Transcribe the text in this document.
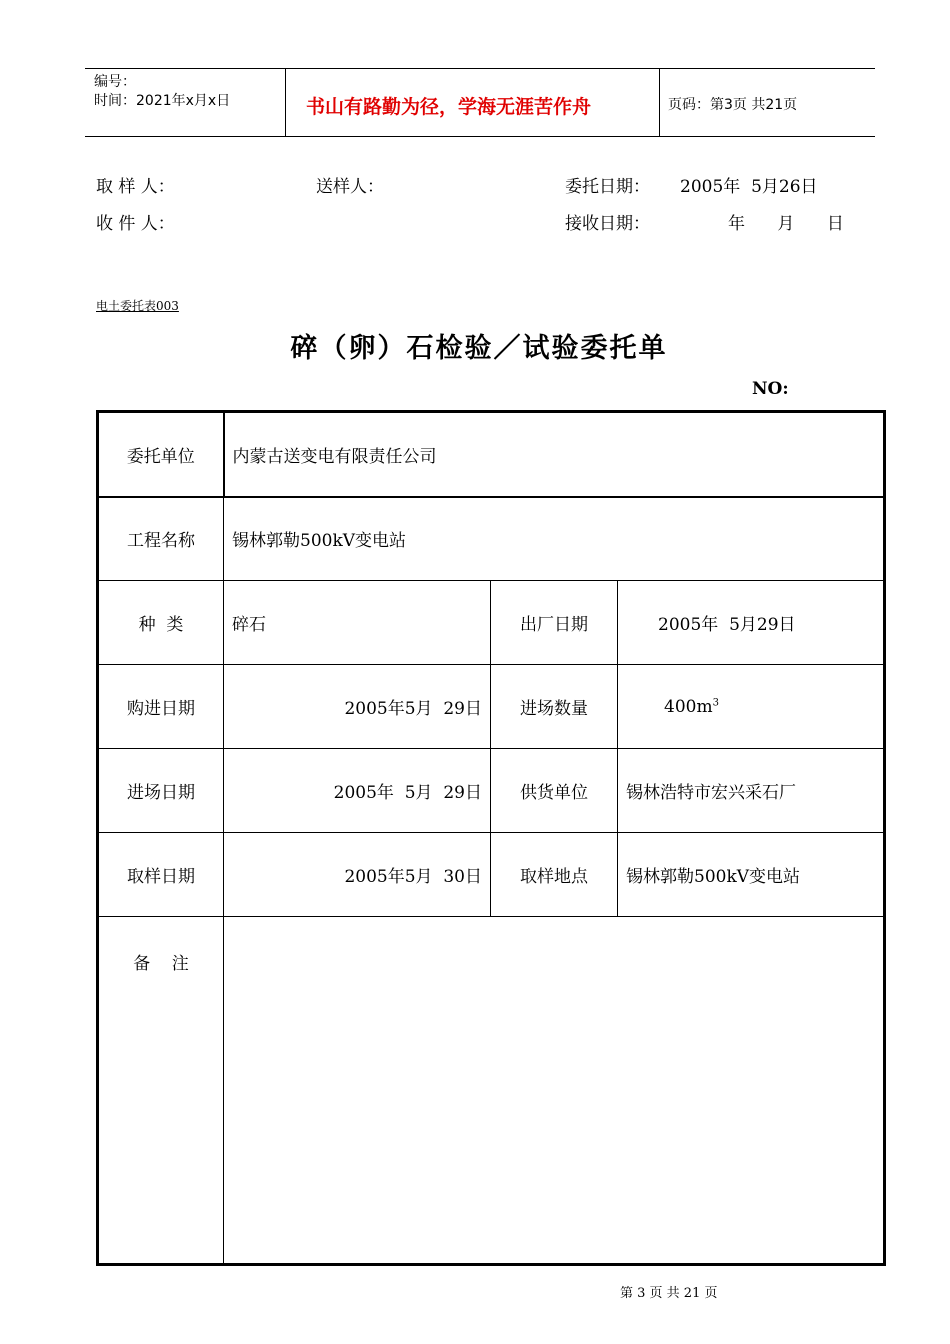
编号：
时间：2021年x月x日	书山有路勤为径，学海无涯苦作舟	页码：第3页 共21页
取 样 人：	送样人：	委托日期： 2005年  5月26日
收 件 人：	接收日期：	年      月      日
电土委托表003
碎（卵）石检验／试验委托单
NO:
委托单位	内蒙古送变电有限责任公司		
工程名称	锡林郭勒500kV变电站		
种  类	碎石	出厂日期	2005年  5月29日
购进日期	2005年5月  29日	进场数量	$400m^3$
进场日期	2005年  5月  29日	供货单位	锡林浩特市宏兴采石厂
取样日期	2005年5月  30日	取样地点	锡林郭勒500kV变电站
备    注			
第 3 页 共 21 页
